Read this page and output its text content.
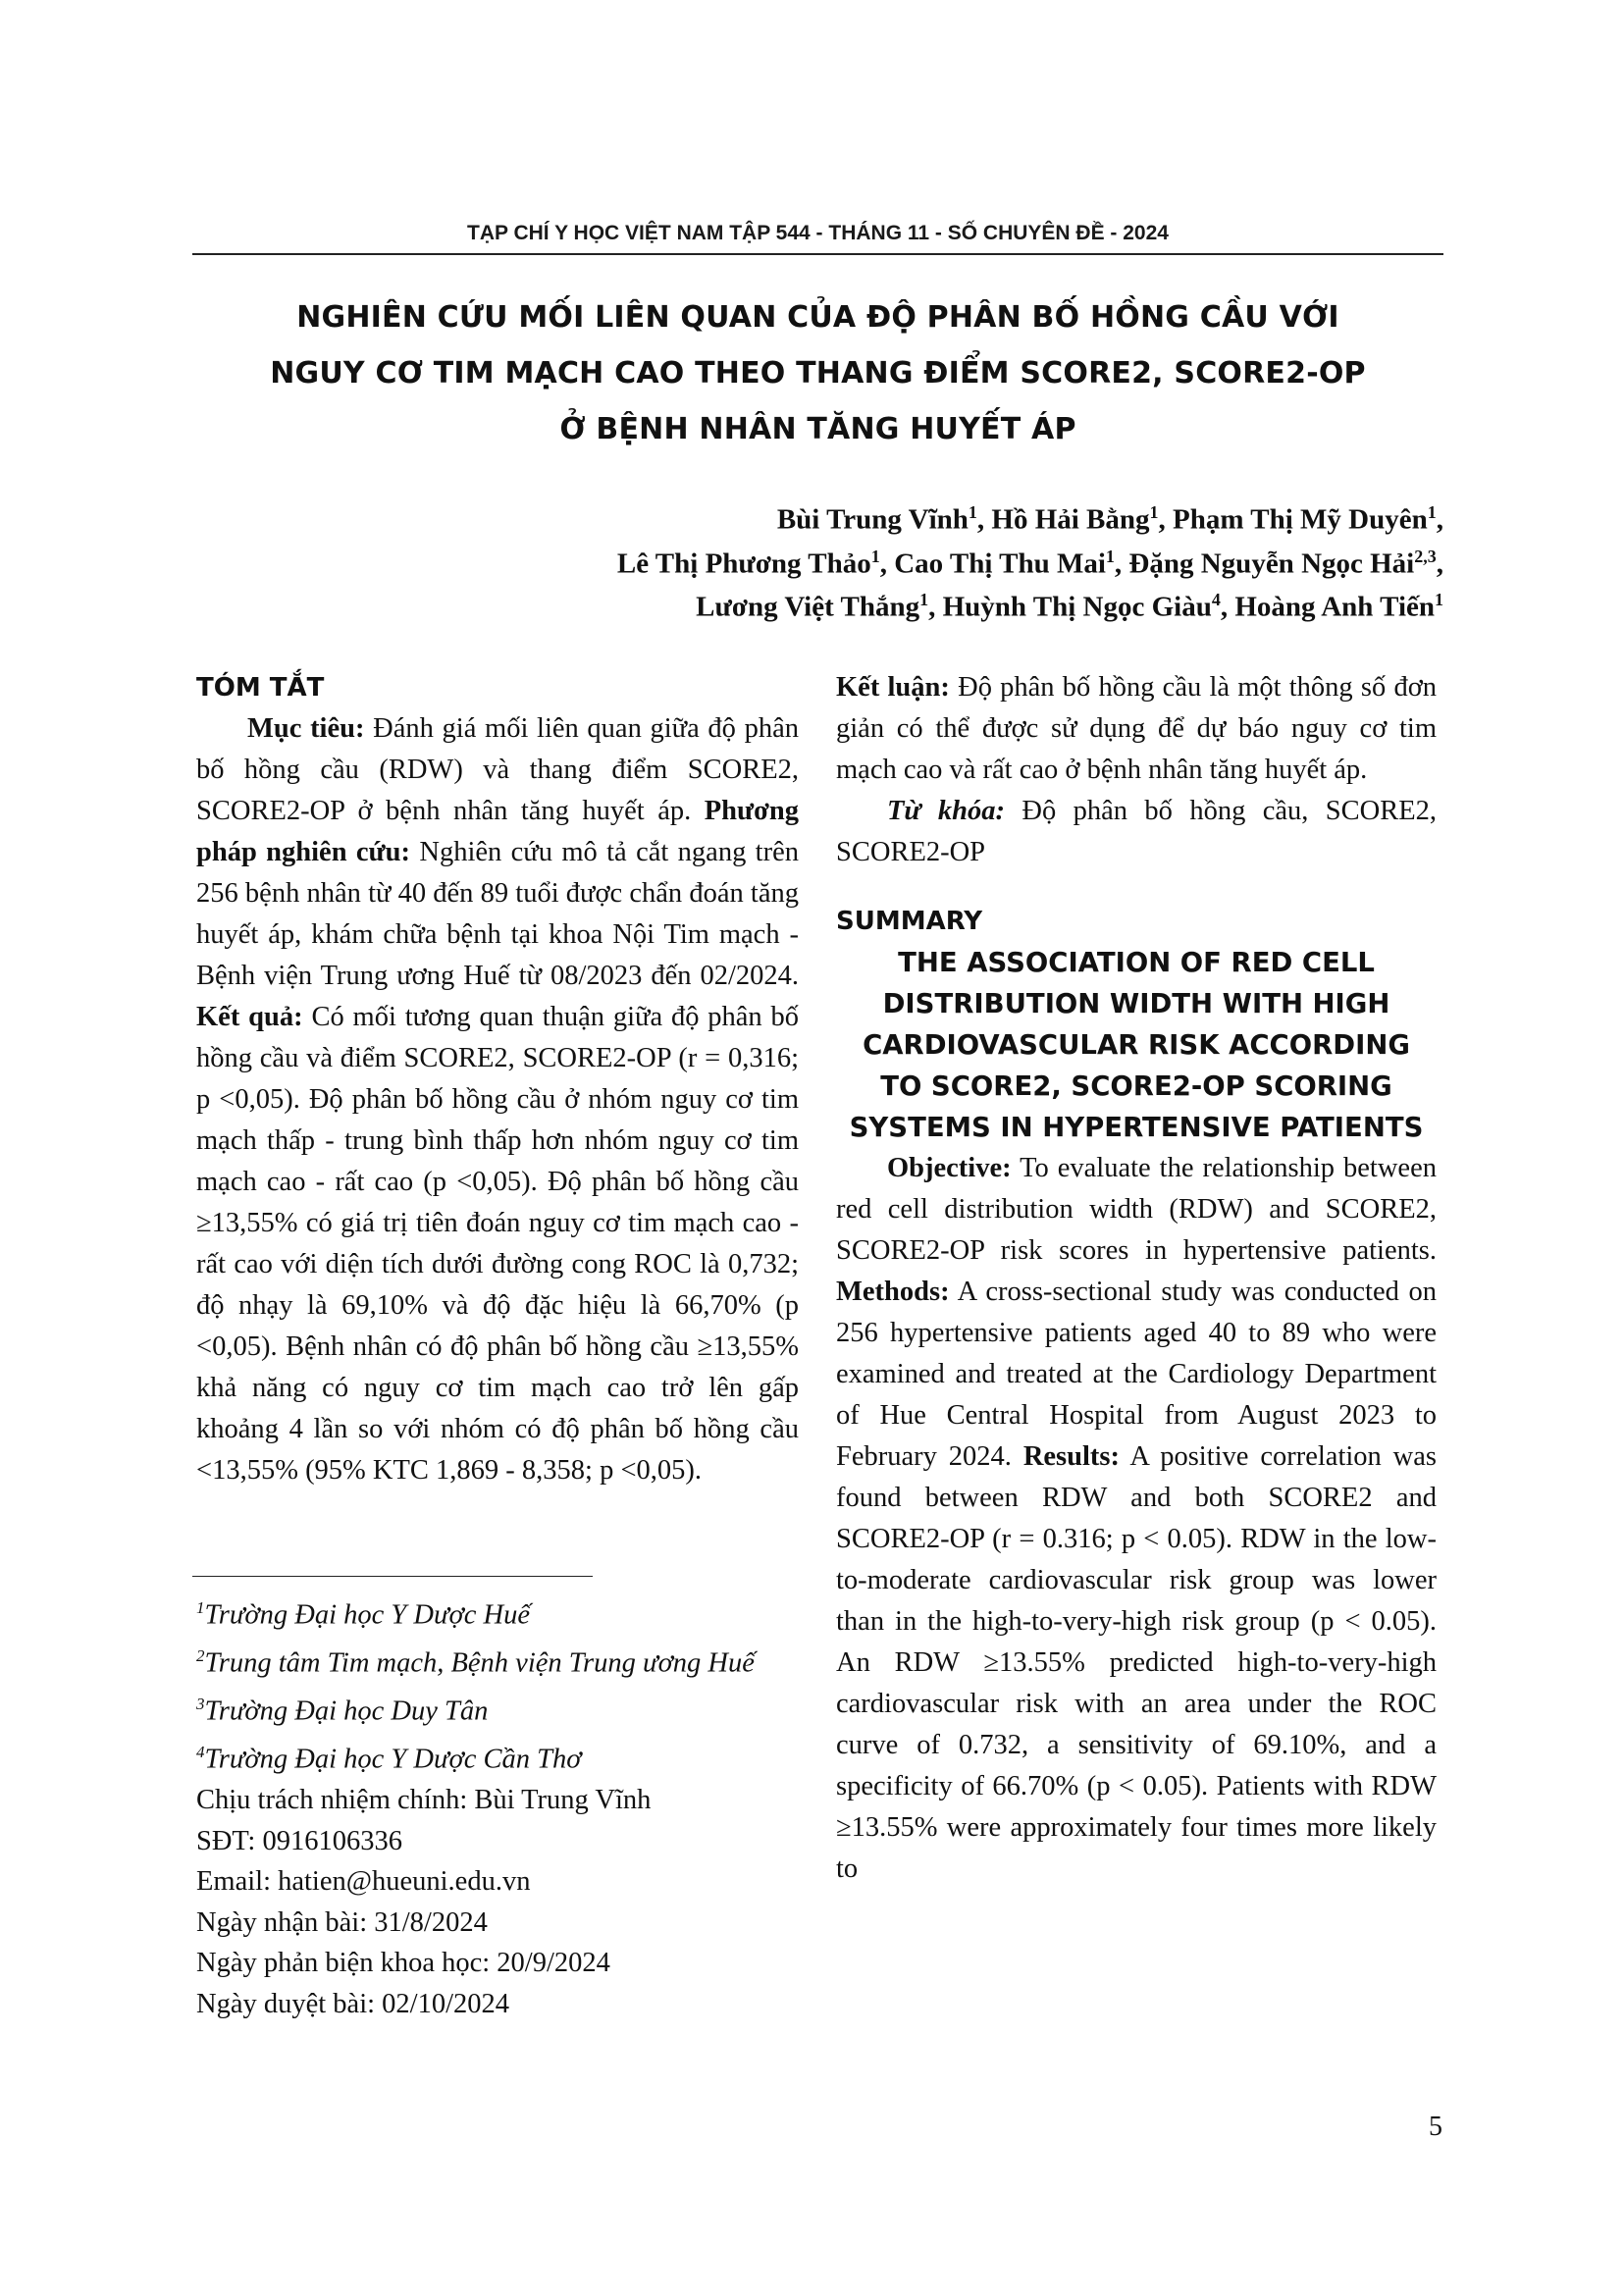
TẠP CHÍ Y HỌC VIỆT NAM TẬP 544 - THÁNG 11 - SỐ CHUYÊN ĐỀ - 2024
NGHIÊN CỨU MỐI LIÊN QUAN CỦA ĐỘ PHÂN BỐ HỒNG CẦU VỚI
NGUY CƠ TIM MẠCH CAO THEO THANG ĐIỂM SCORE2, SCORE2-OP
Ở BỆNH NHÂN TĂNG HUYẾT ÁP
Bùi Trung Vĩnh$^1$, Hồ Hải Bằng$^1$, Phạm Thị Mỹ Duyên$^1$,
Lê Thị Phương Thảo$^1$, Cao Thị Thu Mai$^1$, Đặng Nguyễn Ngọc Hải$^{2,3}$,
Lương Việt Thắng$^1$, Huỳnh Thị Ngọc Giàu$^4$, Hoàng Anh Tiến$^1$

TÓM TẮT

Mục tiêu: Đánh giá mối liên quan giữa độ phân bố hồng cầu (RDW) và thang điểm SCORE2, SCORE2-OP ở bệnh nhân tăng huyết áp. Phương pháp nghiên cứu: Nghiên cứu mô tả cắt ngang trên 256 bệnh nhân từ 40 đến 89 tuổi được chẩn đoán tăng huyết áp, khám chữa bệnh tại khoa Nội Tim mạch - Bệnh viện Trung ương Huế từ 08/2023 đến 02/2024. Kết quả: Có mối tương quan thuận giữa độ phân bố hồng cầu và điểm SCORE2, SCORE2-OP (r = 0,316; p <0,05). Độ phân bố hồng cầu ở nhóm nguy cơ tim mạch thấp - trung bình thấp hơn nhóm nguy cơ tim mạch cao - rất cao (p <0,05). Độ phân bố hồng cầu ≥13,55% có giá trị tiên đoán nguy cơ tim mạch cao - rất cao với diện tích dưới đường cong ROC là 0,732; độ nhạy là 69,10% và độ đặc hiệu là 66,70% (p <0,05). Bệnh nhân có độ phân bố hồng cầu ≥13,55% khả năng có nguy cơ tim mạch cao trở lên gấp khoảng 4 lần so với nhóm có độ phân bố hồng cầu <13,55% (95% KTC 1,869 - 8,358; p <0,05).

Kết luận: Độ phân bố hồng cầu là một thông số đơn giản có thể được sử dụng để dự báo nguy cơ tim mạch cao và rất cao ở bệnh nhân tăng huyết áp.

Từ khóa: Độ phân bố hồng cầu, SCORE2, SCORE2-OP

SUMMARY

THE ASSOCIATION OF RED CELL

DISTRIBUTION WIDTH WITH HIGH

CARDIOVASCULAR RISK ACCORDING

TO SCORE2, SCORE2-OP SCORING

SYSTEMS IN HYPERTENSIVE PATIENTS

Objective: To evaluate the relationship between red cell distribution width (RDW) and SCORE2, SCORE2-OP risk scores in hypertensive patients. Methods: A cross-sectional study was conducted on 256 hypertensive patients aged 40 to 89 who were examined and treated at the Cardiology Department of Hue Central Hospital from August 2023 to February 2024. Results: A positive correlation was found between RDW and both SCORE2 and SCORE2-OP (r = 0.316; p < 0.05). RDW in the low-to-moderate cardiovascular risk group was lower than in the high-to-very-high risk group (p < 0.05). An RDW ≥13.55% predicted high-to-very-high cardiovascular risk with an area under the ROC curve of 0.732, a sensitivity of 69.10%, and a specificity of 66.70% (p < 0.05). Patients with RDW ≥13.55% were approximately four times more likely to

$^1$Trường Đại học Y Dược Huế
$^2$Trung tâm Tim mạch, Bệnh viện Trung ương Huế
$^3$Trường Đại học Duy Tân
$^4$Trường Đại học Y Dược Cần Thơ
Chịu trách nhiệm chính: Bùi Trung Vĩnh
SĐT: 0916106336
Email: hatien@hueuni.edu.vn
Ngày nhận bài: 31/8/2024
Ngày phản biện khoa học: 20/9/2024
Ngày duyệt bài: 02/10/2024
5
